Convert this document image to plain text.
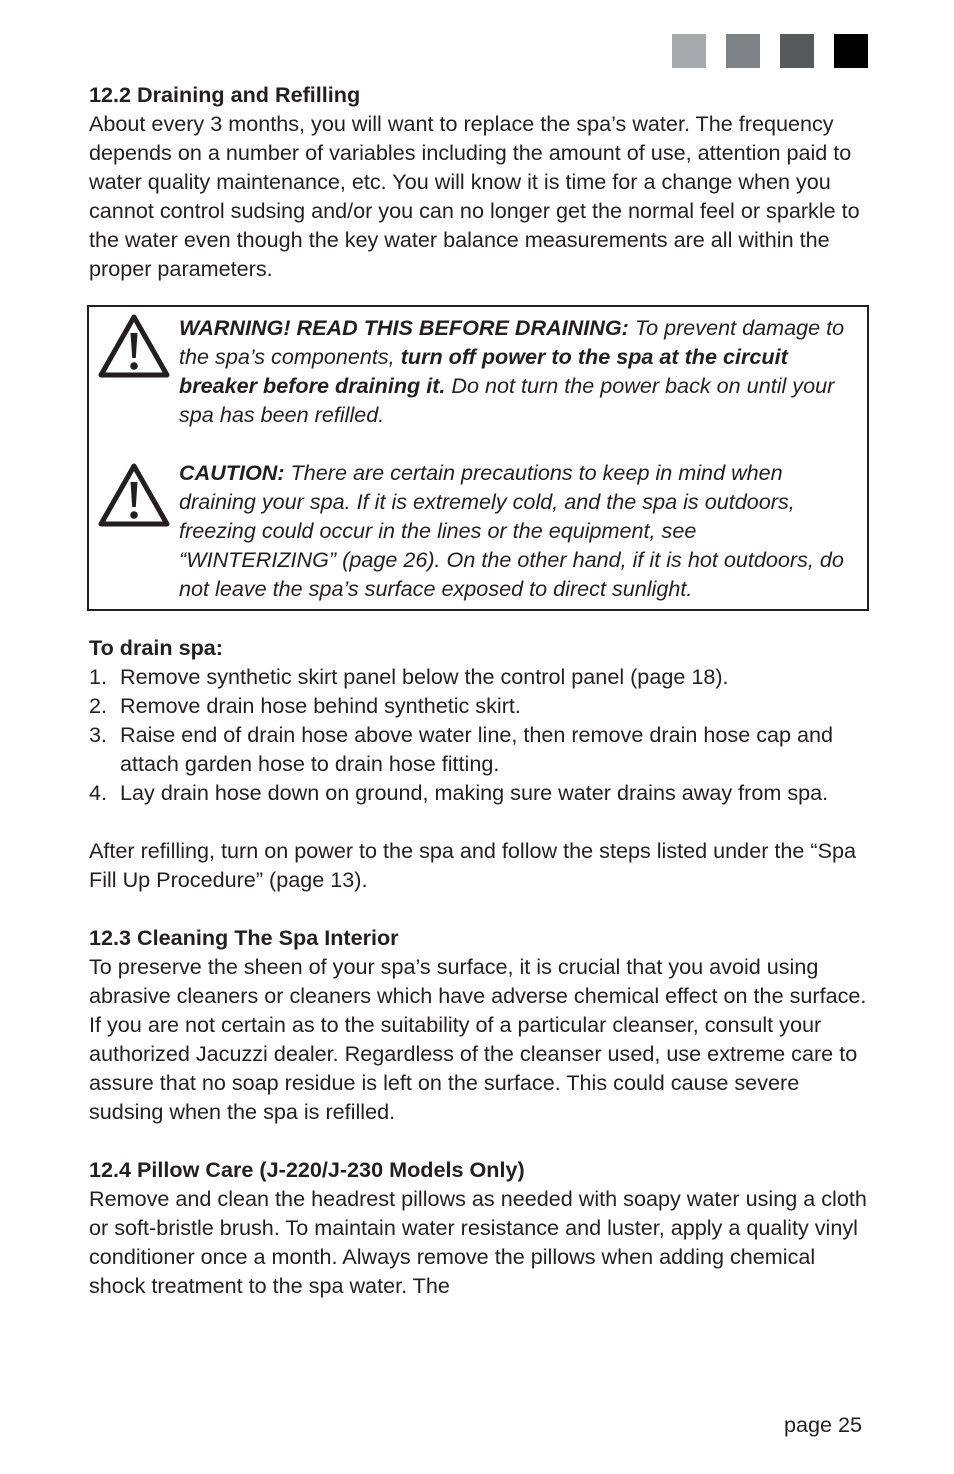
12.2 Draining and Refilling

About every 3 months, you will want to replace the spa’s water. The frequency depends on a number of variables including the amount of use, attention paid to water quality maintenance, etc. You will know it is time for a change when you cannot control sudsing and/or you can no longer get the normal feel or sparkle to the water even though the key water balance measurements are all within the proper parameters.

WARNING! READ THIS BEFORE DRAINING: To prevent damage to the spa’s components, turn off power to the spa at the circuit breaker before draining it. Do not turn the power back on until your spa has been refilled.

CAUTION: There are certain precautions to keep in mind when draining your spa. If it is extremely cold, and the spa is outdoors, freezing could occur in the lines or the equipment, see “WINTERIZING” (page 26). On the other hand, if it is hot outdoors, do not leave the spa’s surface exposed to direct sunlight.

To drain spa:
1. Remove synthetic skirt panel below the control panel (page 18).
2. Remove drain hose behind synthetic skirt.
3. Raise end of drain hose above water line, then remove drain hose cap and attach garden hose to drain hose fitting.
4. Lay drain hose down on ground, making sure water drains away from spa.

After refilling, turn on power to the spa and follow the steps listed under the “Spa Fill Up Procedure” (page 13).

12.3 Cleaning The Spa Interior

To preserve the sheen of your spa’s surface, it is crucial that you avoid using abrasive cleaners or cleaners which have adverse chemical effect on the surface. If you are not certain as to the suitability of a particular cleanser, consult your authorized Jacuzzi dealer. Regardless of the cleanser used, use extreme care to assure that no soap residue is left on the surface. This could cause severe sudsing when the spa is refilled.

12.4 Pillow Care (J-220/J-230 Models Only)

Remove and clean the headrest pillows as needed with soapy water using a cloth or soft-bristle brush. To maintain water resistance and luster, apply a quality vinyl conditioner once a month. Always remove the pillows when adding chemical shock treatment to the spa water. The

page 25
